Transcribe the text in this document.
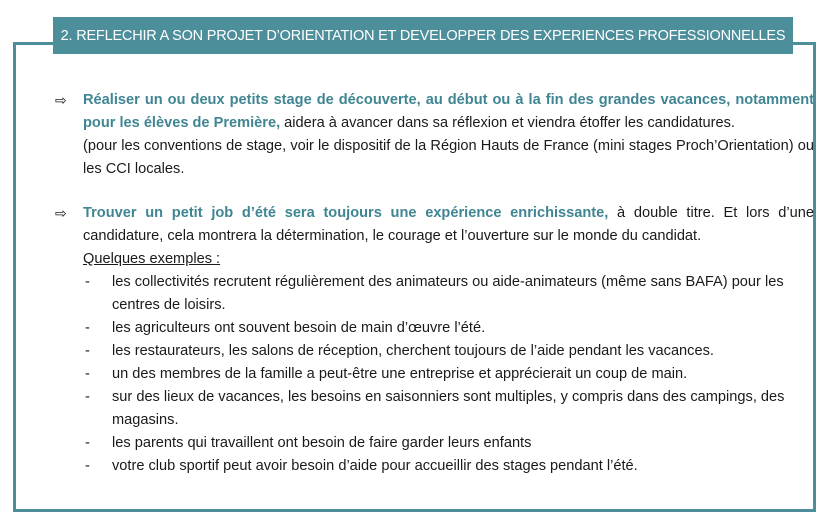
2. REFLECHIR A SON PROJET D’ORIENTATION ET DEVELOPPER DES EXPERIENCES PROFESSIONNELLES
⇨ Réaliser un ou deux petits stage de découverte, au début ou à la fin des grandes vacances, notamment pour les élèves de Première, aidera à avancer dans sa réflexion et viendra étoffer les candidatures.
(pour les conventions de stage, voir le dispositif de la Région Hauts de France (mini stages Proch’Orientation) ou les CCI locales.
⇨ Trouver un petit job d’été sera toujours une expérience enrichissante, à double titre. Et lors d’une candidature, cela montrera la détermination, le courage et l’ouverture sur le monde du candidat.
Quelques exemples :
- les collectivités recrutent régulièrement des animateurs ou aide-animateurs (même sans BAFA) pour les centres de loisirs.
- les agriculteurs ont souvent besoin de main d’œuvre l’été.
- les restaurateurs, les salons de réception, cherchent toujours de l’aide pendant les vacances.
- un des membres de la famille a peut-être une entreprise et apprécierait un coup de main.
- sur des lieux de vacances, les besoins en saisonniers sont multiples, y compris dans des campings, des magasins.
- les parents qui travaillent ont besoin de faire garder leurs enfants
- votre club sportif peut avoir besoin d’aide pour accueillir des stages pendant l’été.
